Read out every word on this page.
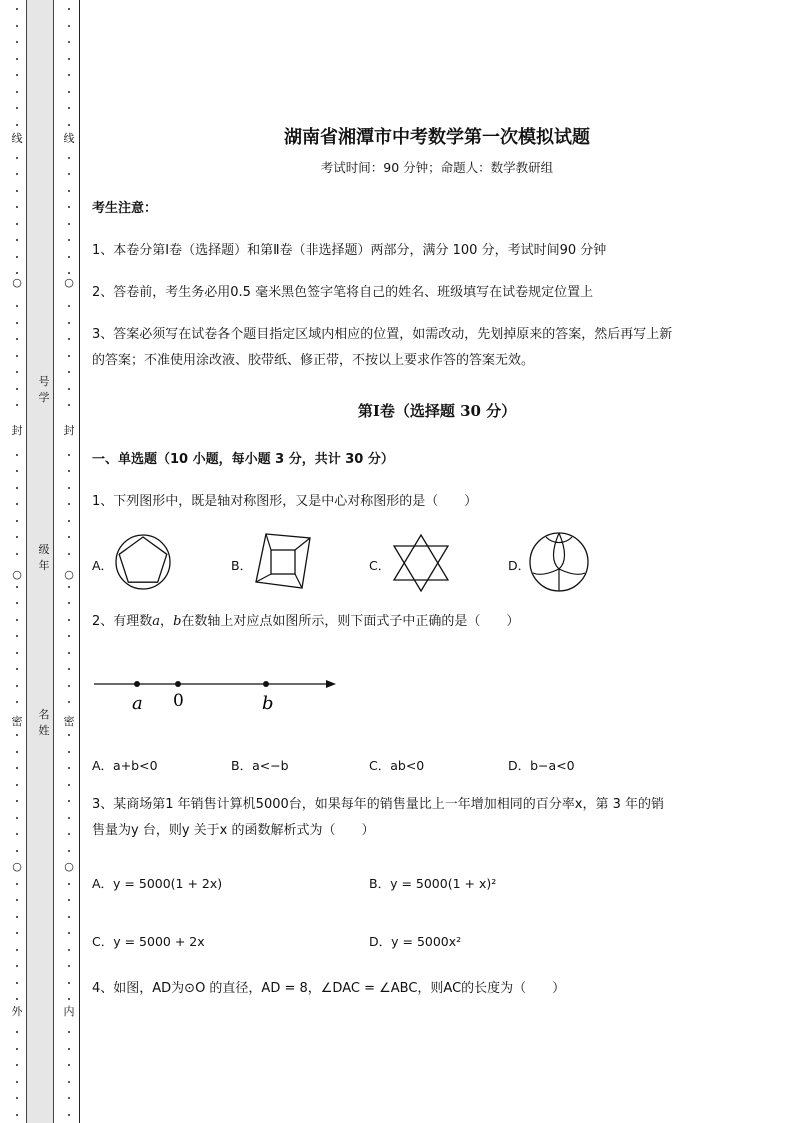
线
○
封
○
密
○
外
号学
级年
名姓
线
○
封
○
密
○
内
湖南省湘潭市中考数学第一次模拟试题
考试时间：90 分钟；命题人：数学教研组
考生注意：
1、本卷分第Ⅰ卷（选择题）和第Ⅱ卷（非选择题）两部分，满分 100 分，考试时间90 分钟
2、答卷前，考生务必用0.5 毫米黑色签字笔将自己的姓名、班级填写在试卷规定位置上
3、答案必须写在试卷各个题目指定区域内相应的位置，如需改动，先划掉原来的答案，然后再写上新
的答案；不准使用涂改液、胶带纸、修正带，不按以上要求作答的答案无效。
第Ⅰ卷（选择题 30 分）
一、单选题（10 小题，每小题 3 分，共计 30 分）
1、下列图形中，既是轴对称图形，又是中心对称图形的是（　　）
A．	B．	C．	D．
2、有理数a，b在数轴上对应点如图所示，则下面式子中正确的是（　　）
a 0	b
A．a+b<0	B．a<−b	C．ab<0	D．b−a<0
3、某商场第1 年销售计算机5000台，如果每年的销售量比上一年增加相同的百分率x，第 3 年的销
售量为y 台，则y 关于x 的函数解析式为（　　）
A．y = 5000(1 + 2x)	B．y = 5000(1 + x)²
C．y = 5000 + 2x	D．y = 5000x²
4、如图，AD为⊙O 的直径，AD = 8，∠DAC = ∠ABC，则AC的长度为（　　）
